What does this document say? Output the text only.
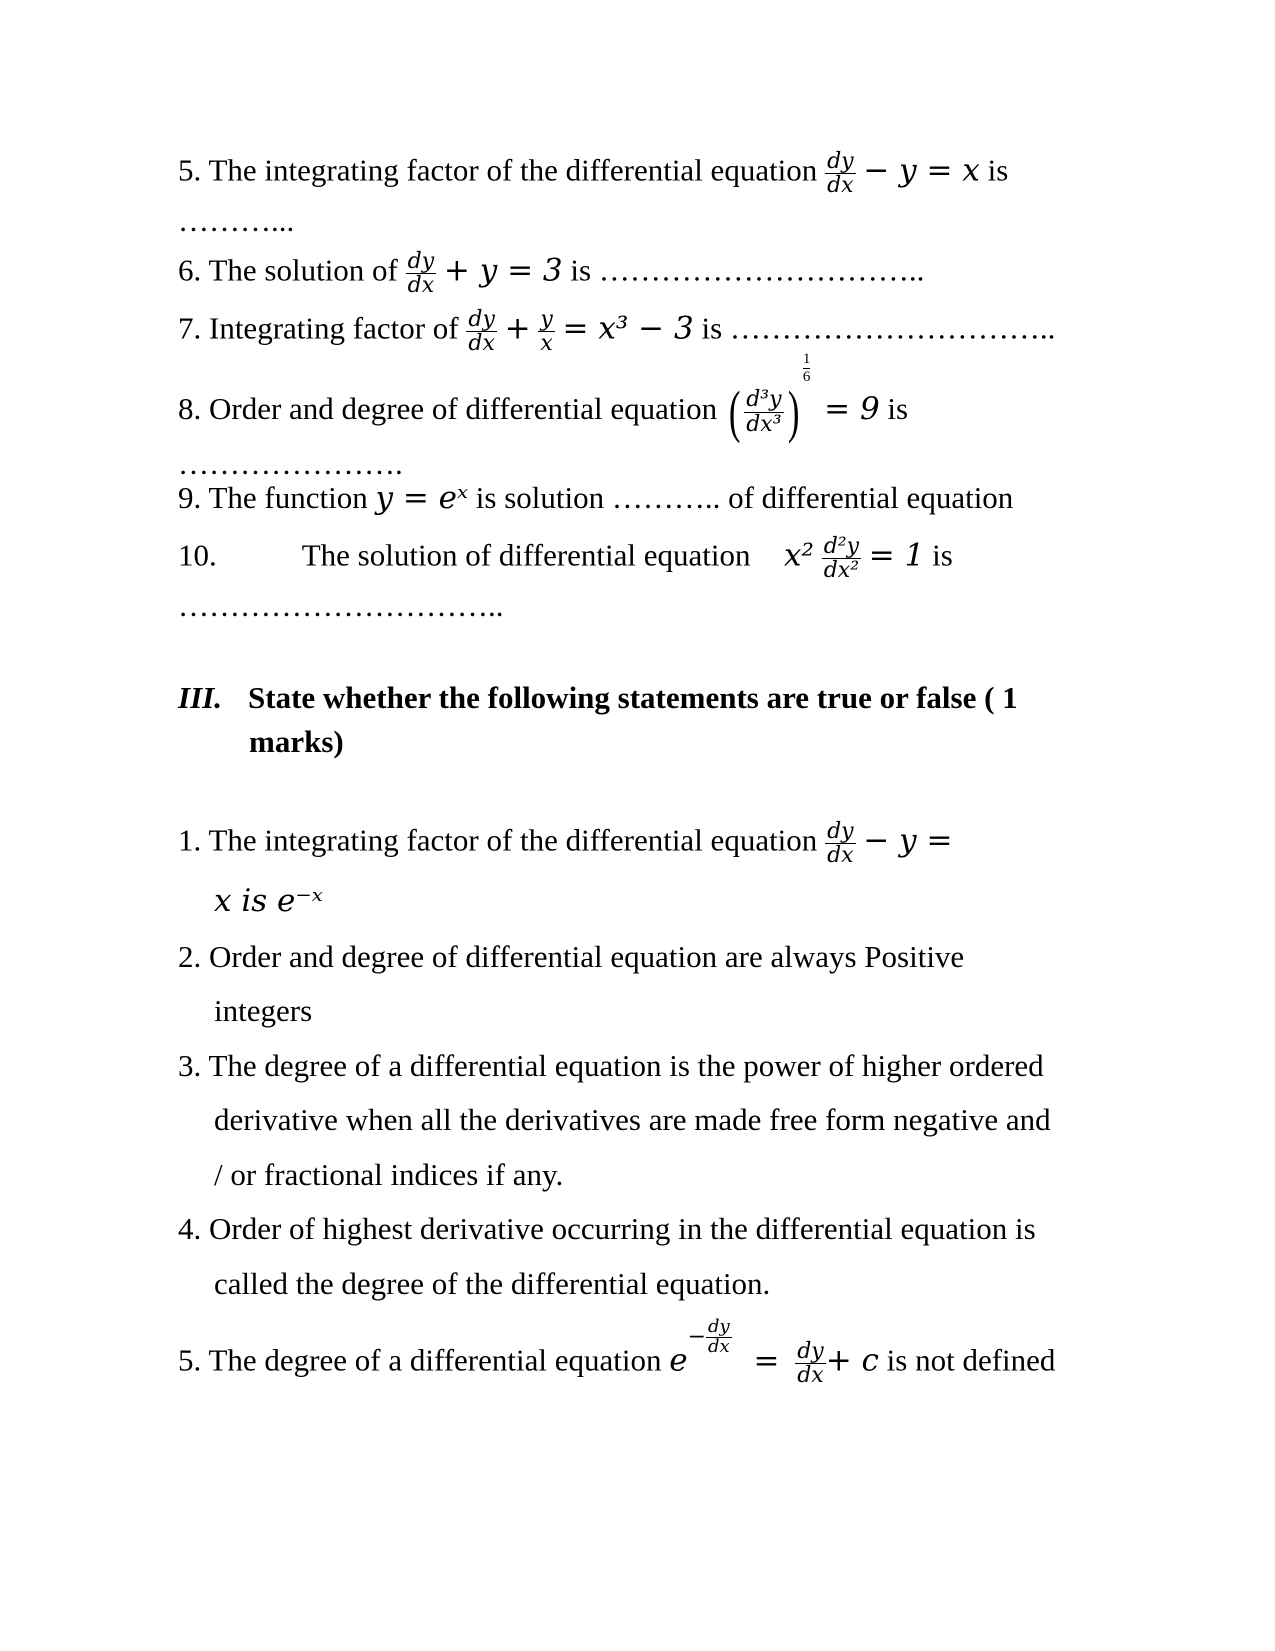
5. The integrating factor of the differential equation $\frac{dy}{dx} - y = x$ is
………...
6. The solution of $\frac{dy}{dx} + y = 3$ is …………………………..
7. Integrating factor of $\frac{dy}{dx} + \frac{y}{x} = x^3 - 3$ is …………………………..
8. Order and degree of differential equation ( $\frac{\text{d³y}}{\text{dx³}}$ )
$\frac{1}{6}$
= 9 is
………………….
9. The function y = eˣ is solution ……….. of differential equation
10.	The solution of differential equation $x^2 \frac{\text{d²y}}{\text{dx²}} = 1$ is
…………………………..
III. State whether the following statements are true or false ( 1
marks)
1. The integrating factor of the differential equation $\frac{dy}{dx} - y$ =
x is e⁻ˣ
2. Order and degree of differential equation are always Positive
integers
3. The degree of a differential equation is the power of higher ordered
derivative when all the derivatives are made free form negative and
/ or fractional indices if any.
4. Order of highest derivative occurring in the differential equation is
called the degree of the differential equation.
5. The degree of a differential equation $e- \frac{dy}{dx}$
= $\frac{dy}{dx} + c$ is not defined
